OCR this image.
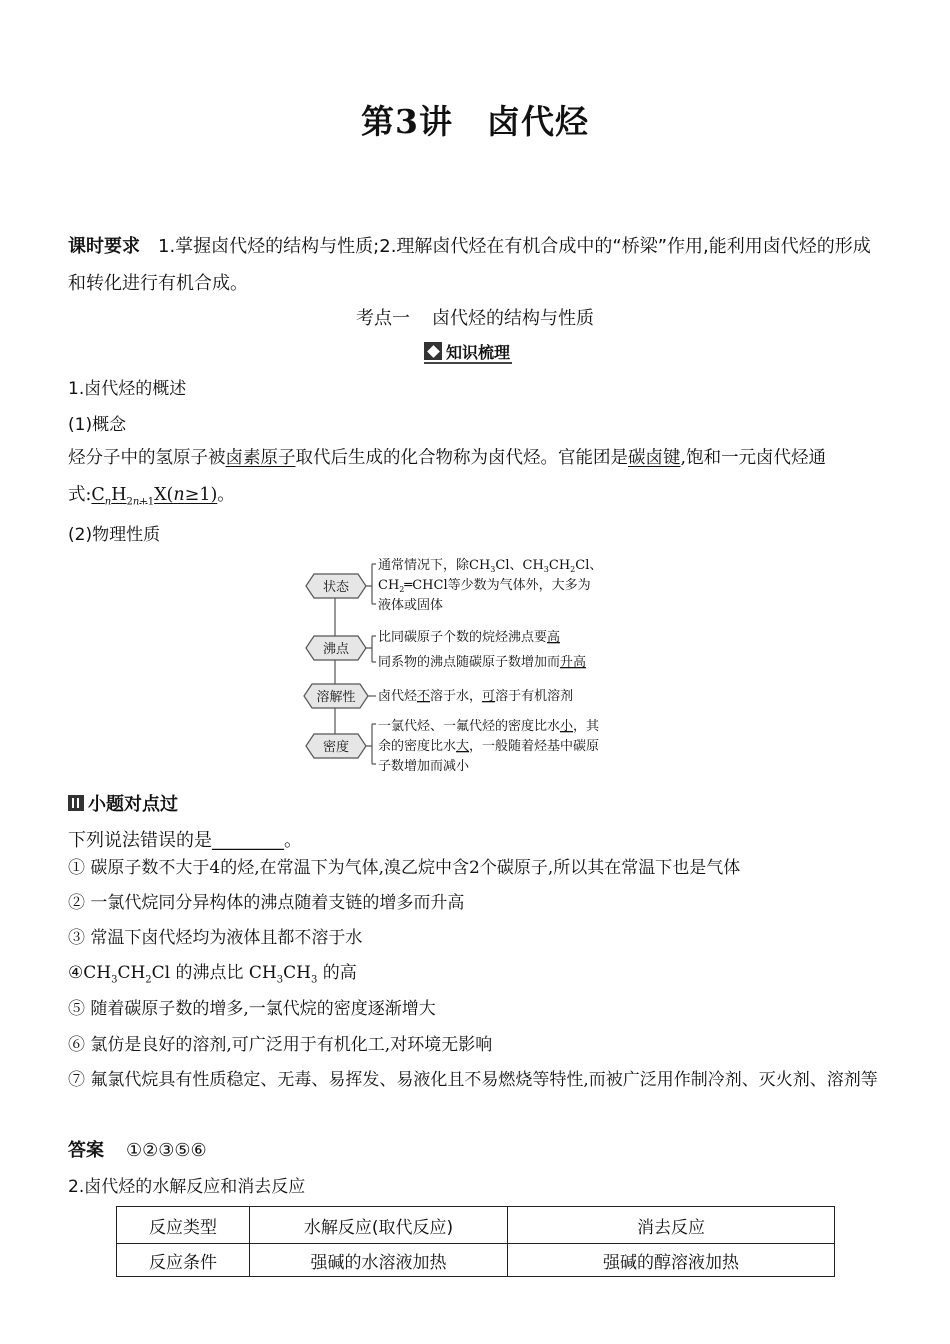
第3讲 卤代烃
课时要求 1.掌握卤代烃的结构与性质;2.理解卤代烃在有机合成中的“桥梁”作用,能利用卤代烃的形成和转化进行有机合成。
考点一 卤代烃的结构与性质
知识梳理
1.卤代烃的概述
(1)概念
烃分子中的氢原子被卤素原子取代后生成的化合物称为卤代烃。官能团是碳卤键,饱和一元卤代烃通式$:C_nH_{2n+1}X(n\ge 1)$。
(2)物理性质
状态
通常情况下，除$CH_3Cl$、$CH_3CH_2Cl$、
$CH_2═CHCl$等少数为气体外，大多为
液体或固体
沸点
比同碳原子个数的烷烃沸点要高
同系物的沸点随碳原子数增加而升高
溶解性 卤代烃不溶于水，可溶于有机溶剂
密度
一氯代烃、一氟代烃的密度比水小，其
余的密度比水大，一般随着烃基中碳原
子数增加而减小
小题对点过
下列说法错误的是________。
① 碳原子数不大于4的烃,在常温下为气体,溴乙烷中含2个碳原子,所以其在常温下也是气体
② 一氯代烷同分异构体的沸点随着支链的增多而升高
③ 常温下卤代烃均为液体且都不溶于水
$④CH_3CH_2Cl$ 的沸点比 $CH_3CH_3$ 的高
⑤ 随着碳原子数的增多,一氯代烷的密度逐渐增大
⑥ 氯仿是良好的溶剂,可广泛用于有机化工,对环境无影响
⑦ 氟氯代烷具有性质稳定、无毒、易挥发、易液化且不易燃烧等特性,而被广泛用作制冷剂、灭火剂、溶剂等
答案 ①②③⑤⑥
2.卤代烃的水解反应和消去反应
反应类型	水解反应(取代反应)	消去反应
反应条件	强碱的水溶液加热	强碱的醇溶液加热
